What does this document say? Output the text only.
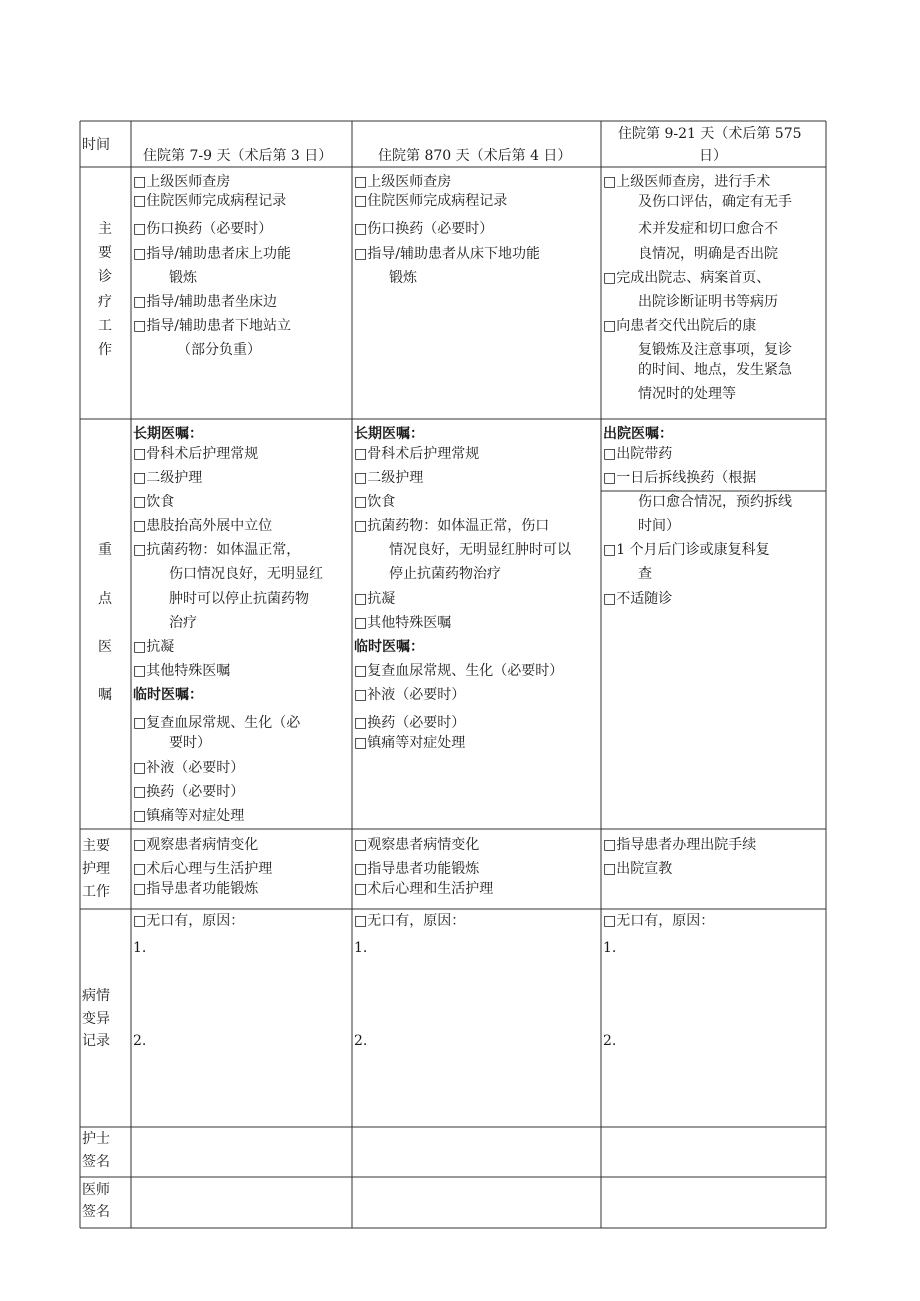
时间
住院第 7-9 天（术后第 3 日）	住院第 870 天（术后第 4 日）
住院第 9-21 天（术后第 575
日）
主
要
诊
疗
工
作
□上级医师查房
□住院医师完成病程记录
□伤口换药（必要时）
□指导/辅助患者床上功能
锻炼
□指导/辅助患者坐床边
□指导/辅助患者下地站立
（部分负重）
□上级医师查房
□住院医师完成病程记录
□伤口换药（必要时）
□指导/辅助患者从床下地功能
锻炼
□上级医师查房，进行手术
及伤口评估，确定有无手
术并发症和切口愈合不
良情况，明确是否出院
□完成出院志、病案首页、
出院诊断证明书等病历
□向患者交代出院后的康
复锻炼及注意事项，复诊
的时间、地点，发生紧急
情况时的处理等
重
点
医
嘱
长期医嘱：
□骨科术后护理常规
□二级护理
□饮食
□患肢抬高外展中立位
□抗菌药物：如体温正常，
伤口情况良好，无明显红
肿时可以停止抗菌药物
治疗
□抗凝
□其他特殊医嘱
临时医嘱：
□复查血尿常规、生化（必
要时）
□补液（必要时）
□换药（必要时）
□镇痛等对症处理
长期医嘱：
□骨科术后护理常规
□二级护理
□饮食
□抗菌药物：如体温正常，伤口
情况良好，无明显红肿时可以
停止抗菌药物治疗
□抗凝
□其他特殊医嘱
临时医嘱：
□复查血尿常规、生化（必要时）
□补液（必要时）
□换药（必要时）
□镇痛等对症处理
出院医嘱：
□出院带药
□一日后拆线换药（根据
伤口愈合情况，预约拆线
时间）
□1 个月后门诊或康复科复
查
□不适随诊
主要
护理
工作
□观察患者病情变化
□术后心理与生活护理
□指导患者功能锻炼
□观察患者病情变化
□指导患者功能锻炼
□术后心理和生活护理
□指导患者办理出院手续
□出院宣教
病情
变异
记录
□无口有，原因：
1.
2.
□无口有，原因：
1.
2.
□无口有，原因：
1.
2.
护士
签名
医师
签名
